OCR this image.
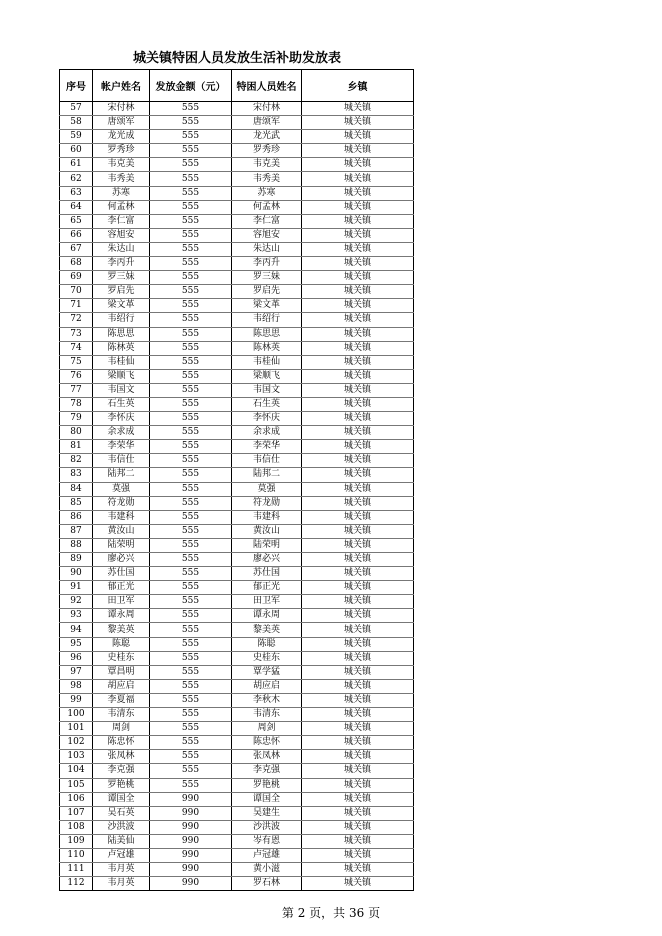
城关镇特困人员发放生活补助发放表
序号	帐户姓名	发放金额（元）	特困人员姓名	乡镇
57	宋付林	555	宋付林	城关镇
58	唐颂军	555	唐颂军	城关镇
59	龙光成	555	龙光武	城关镇
60	罗秀珍	555	罗秀珍	城关镇
61	韦克美	555	韦克美	城关镇
62	韦秀美	555	韦秀美	城关镇
63	苏寒	555	苏寒	城关镇
64	何孟林	555	何孟林	城关镇
65	李仁富	555	李仁富	城关镇
66	容旭安	555	容旭安	城关镇
67	朱达山	555	朱达山	城关镇
68	李丙升	555	李丙升	城关镇
69	罗三妹	555	罗三妹	城关镇
70	罗启先	555	罗启先	城关镇
71	梁文革	555	梁文革	城关镇
72	韦绍行	555	韦绍行	城关镇
73	陈思思	555	陈思思	城关镇
74	陈林英	555	陈林英	城关镇
75	韦桂仙	555	韦桂仙	城关镇
76	梁顺飞	555	梁顺飞	城关镇
77	韦国文	555	韦国文	城关镇
78	石生英	555	石生英	城关镇
79	李怀庆	555	李怀庆	城关镇
80	余求成	555	余求成	城关镇
81	李荣华	555	李荣华	城关镇
82	韦信仕	555	韦信仕	城关镇
83	陆邦二	555	陆邦二	城关镇
84	莫强	555	莫强	城关镇
85	符龙勋	555	符龙勋	城关镇
86	韦建科	555	韦建科	城关镇
87	黄汝山	555	黄汝山	城关镇
88	陆荣明	555	陆荣明	城关镇
89	廖必兴	555	廖必兴	城关镇
90	苏仕国	555	苏仕国	城关镇
91	郁正光	555	郁正光	城关镇
92	田卫军	555	田卫军	城关镇
93	谭永周	555	谭永周	城关镇
94	黎美英	555	黎美英	城关镇
95	陈聪	555	陈聪	城关镇
96	史桂东	555	史桂东	城关镇
97	覃昌明	555	覃学猛	城关镇
98	胡应启	555	胡应启	城关镇
99	李夏福	555	李秋木	城关镇
100	韦清东	555	韦清东	城关镇
101	周剑	555	周剑	城关镇
102	陈忠怀	555	陈忠怀	城关镇
103	张凤林	555	张凤林	城关镇
104	李克强	555	李克强	城关镇
105	罗艳桃	555	罗艳桃	城关镇
106	谭国全	990	谭国全	城关镇
107	吴石英	990	吴建生	城关镇
108	沙洪波	990	沙洪波	城关镇
109	陆美仙	990	岑有恩	城关镇
110	卢冠雄	990	卢冠雄	城关镇
111	韦月英	990	黄小滋	城关镇
112	韦月英	990	罗石林	城关镇
第 2 页，共 36 页
